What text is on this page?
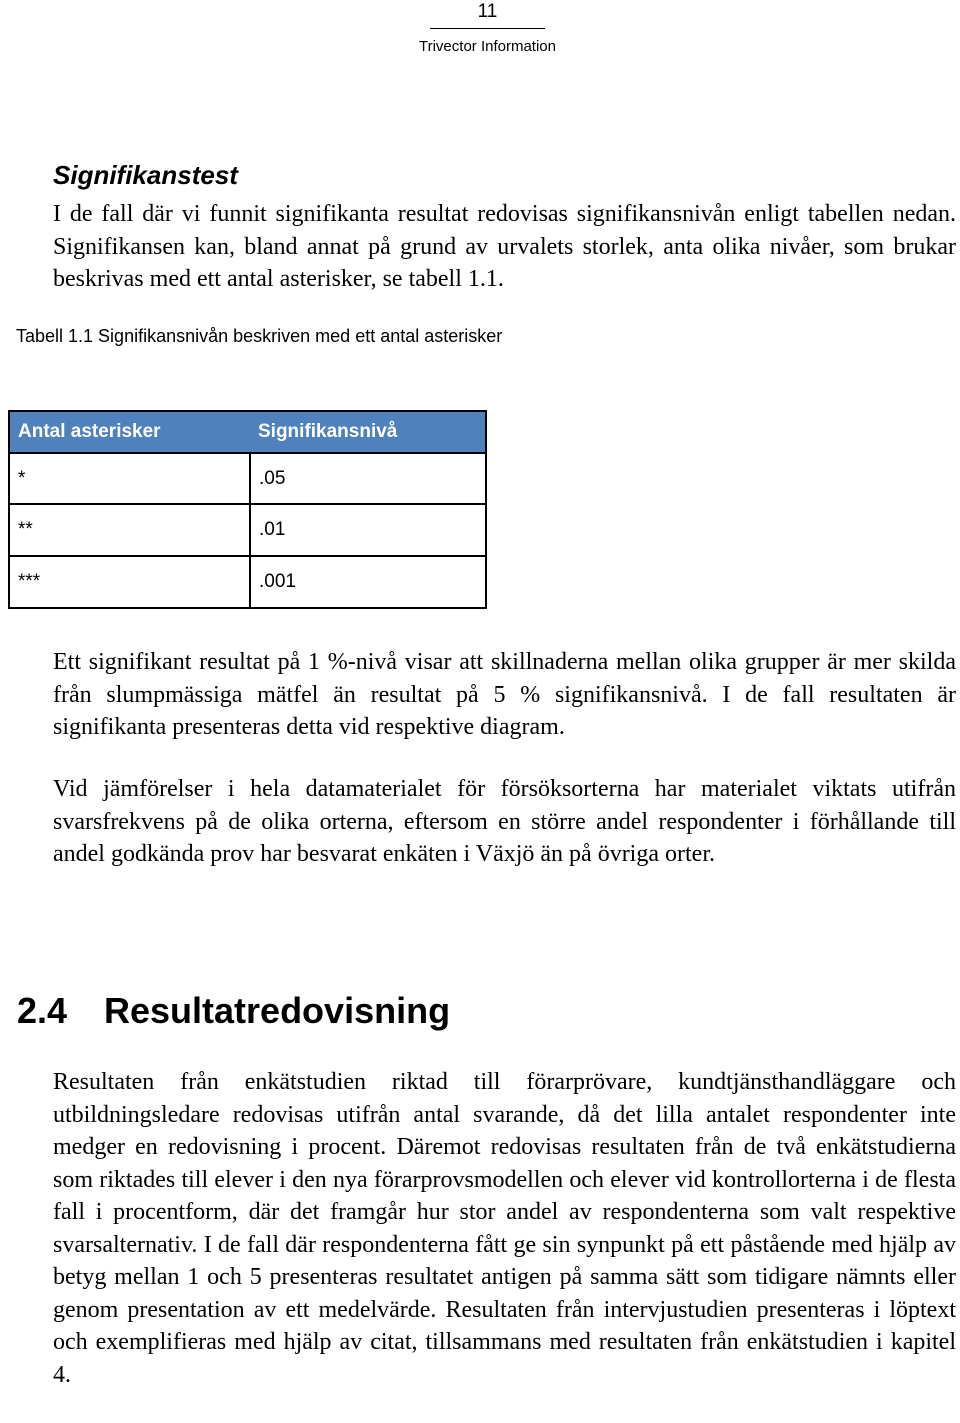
11
Trivector Information
Signifikanstest

I de fall där vi funnit signifikanta resultat redovisas signifikansnivån enligt tabellen nedan. Signifikansen kan, bland annat på grund av urvalets storlek, anta olika nivåer, som brukar beskrivas med ett antal asterisker, se tabell 1.1.

Tabell 1.1 Signifikansnivån beskriven med ett antal asterisker

Antal asterisker	Signifikansnivå
*	.05
**	.01
***	.001

Ett signifikant resultat på 1 %-nivå visar att skillnaderna mellan olika grupper är mer skilda från slumpmässiga mätfel än resultat på 5 % signifikansnivå. I de fall resultaten är signifikanta presenteras detta vid respektive diagram.

Vid jämförelser i hela datamaterialet för försöksorterna har materialet viktats utifrån svarsfrekvens på de olika orterna, eftersom en större andel respondenter i förhållande till andel godkända prov har besvarat enkäten i Växjö än på övriga orter.

2.4 Resultatredovisning

Resultaten från enkätstudien riktad till förarprövare, kundtjänsthandläggare och utbildningsledare redovisas utifrån antal svarande, då det lilla antalet respondenter inte medger en redovisning i procent. Däremot redovisas resultaten från de två enkätstudierna som riktades till elever i den nya förarprovsmodellen och elever vid kontrollorterna i de flesta fall i procentform, där det framgår hur stor andel av respondenterna som valt respektive svarsalternativ. I de fall där respondenterna fått ge sin synpunkt på ett påstående med hjälp av betyg mellan 1 och 5 presenteras resultatet antigen på samma sätt som tidigare nämnts eller genom presentation av ett medelvärde. Resultaten från intervjustudien presenteras i löptext och exemplifieras med hjälp av citat, tillsammans med resultaten från enkätstudien i kapitel 4.
